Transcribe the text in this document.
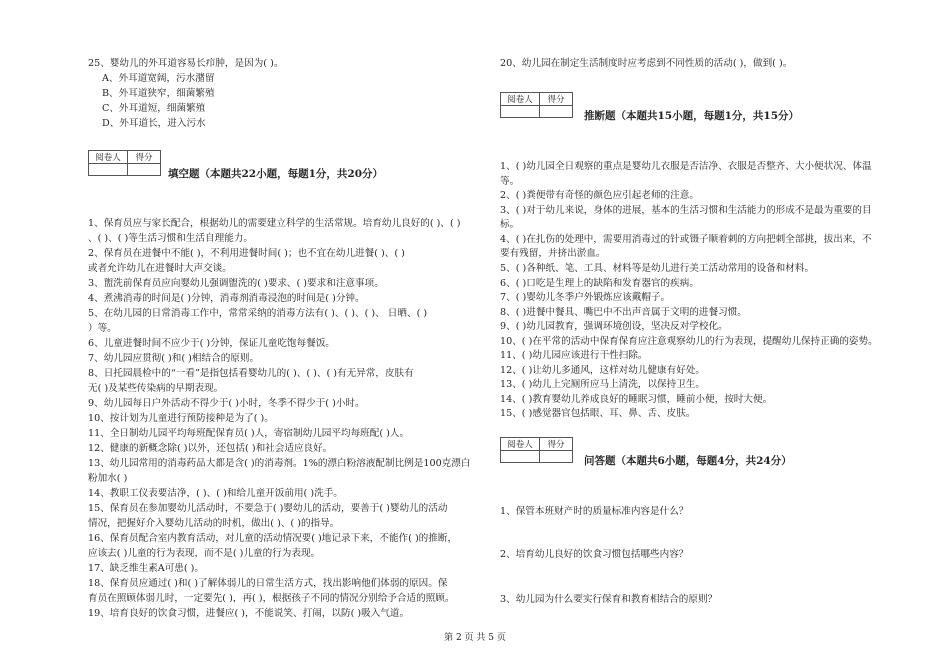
25、婴幼儿的外耳道容易长疖肿，是因为( )。
A、外耳道宽阔，污水潴留
B、外耳道狭窄，细菌繁殖
C、外耳道短，细菌繁殖
D、外耳道长，进入污水
阅卷人	得分

填空题（本题共22小题，每题1分，共20分）
1、保育员应与家长配合，根据幼儿的需要建立科学的生活常规。培育幼儿良好的( )、( )
、( )、( )等生活习惯和生活自理能力。
2、保育员在进餐中不能( )，不利用进餐时间( )；也不宜在幼儿进餐( )、( )
或者允许幼儿在进餐时大声交谈。
3、盥洗前保育员应向婴幼儿强调盥洗的( )要求、( )要求和注意事项。
4、煮沸消毒的时间是( )分钟，消毒剂消毒浸泡的时间是( )分钟。
5、在幼儿园的日常消毒工作中，常常采纳的消毒方法有( )、( )、( )、 日晒、( )
）等。
6、儿童进餐时间不应少于( )分钟，保证儿童吃饱每餐饭。
7、幼儿园应贯彻( )和( )相结合的原则。
8、日托园晨检中的“一看”是指包括看婴幼儿的( )、( )、( )有无异常，皮肤有
无( )及某些传染病的早期表现。
9、幼儿园每日户外活动不得少于( )小时，冬季不得少于( )小时。
10、按计划为儿童进行预防接种是为了( )。
11、全日制幼儿园平均每班配保育员( )人，寄宿制幼儿园平均每班配( )人。
12、健康的新概念除( )以外，还包括( )和社会适应良好。
13、幼儿园常用的消毒药品大都是含( )的消毒剂。1%的漂白粉溶液配制比例是100克漂白
粉加水( )
14、教职工仪表要洁净，( )、( )和给儿童开饭前用( )洗手。
15、保育员在参加婴幼儿活动时，不要急于( )婴幼儿的活动，要善于( )婴幼儿的活动
情况，把握好介入婴幼儿活动的时机，做出( )、( )的指导。
16、保育员配合室内教育活动，对儿童的活动情况要( )地记录下来，不能作( )的推断，
应该去( )儿童的行为表现，而不是( )儿童的行为表现。
17、缺乏维生素A可患( )。
18、保育员应通过( )和( )了解体弱儿的日常生活方式，找出影响他们体弱的原因。保
育员在照顾体弱儿时，一定要先( )，再( )，根据孩子不同的情况分别给予合适的照顾。
19、培育良好的饮食习惯，进餐应( )，不能说笑、打闹，以防( )吸入气道。
20、幼儿园在制定生活制度时应考虑到不同性质的活动( )，做到( )。
阅卷人	得分

推断题（本题共15小题，每题1分，共15分）
1、( )幼儿园全日观察的重点是婴幼儿衣服是否洁净、衣服是否整齐、大小便状况、体温
等。
2、( )粪便带有奇怪的颜色应引起老师的注意。
3、( )对于幼儿来说，身体的进展，基本的生活习惯和生活能力的形成不是最为重要的目
标。
4、( )在扎伤的处理中，需要用消毒过的针或镊子顺着刺的方向把刺全部挑，拔出来，不
要有残留，并挤出淤血。
5、( )各种纸、笔、工具、材料等是幼儿进行美工活动常用的设备和材料。
6、( )口吃是生理上的缺陷和发育器官的疾病。
7、( )婴幼儿冬季户外锻炼应该戴帽子。
8、( )进餐中餐具、嘴巴中不出声音属于文明的进餐习惯。
9、( )幼儿园教育，强调环境创设，坚决反对学校化。
10、( )在平常的活动中保育保育应注意观察幼儿的行为表现，提醒幼儿保持正确的姿势。
11、( )幼儿园应该进行干性扫除。
12、( )让幼儿多通风，这样对幼儿健康有好处。
13、( )幼儿上完厕所应马上清洗，以保持卫生。
14、( )教育婴幼儿养成良好的睡眠习惯，睡前小便，按时大便。
15、( )感觉器官包括眼、耳、鼻、舌、皮肤。
阅卷人	得分

问答题（本题共6小题，每题4分，共24分）
1、保管本班财产时的质量标准内容是什么？
2、培育幼儿良好的饮食习惯包括哪些内容？
3、幼儿园为什么要实行保育和教育相结合的原则？
第 2 页 共 5 页
